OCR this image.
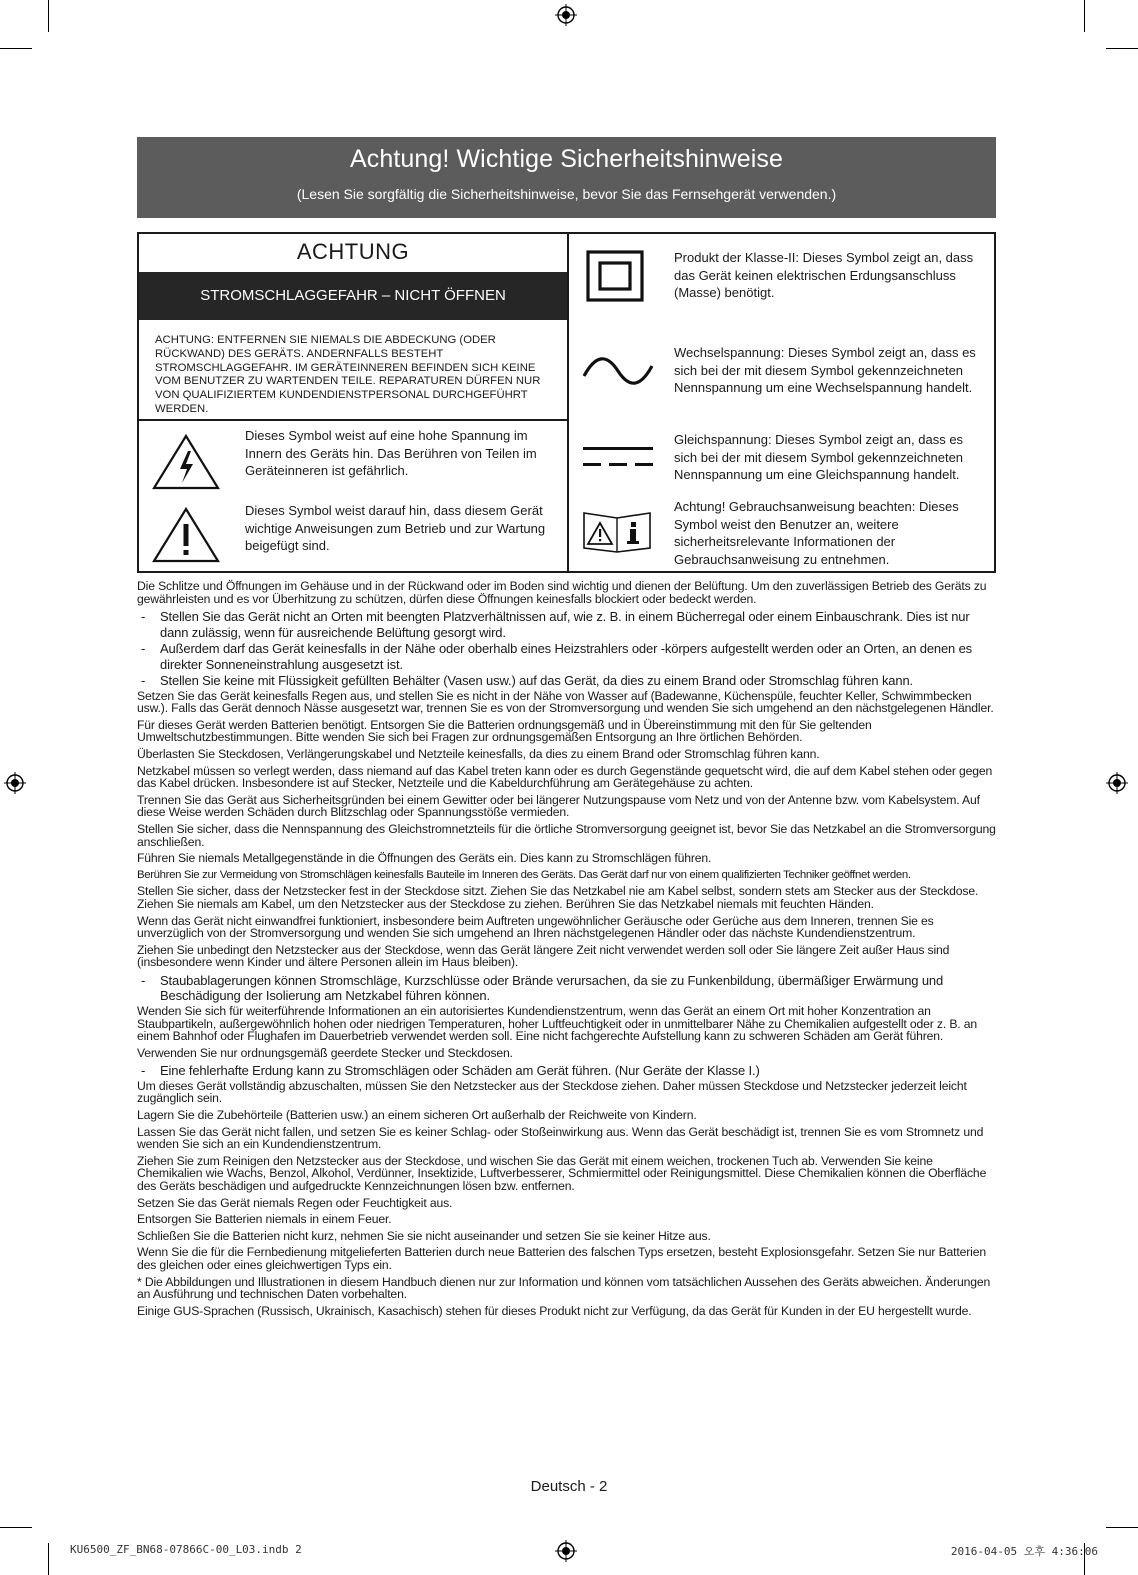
Achtung! Wichtige Sicherheitshinweise
(Lesen Sie sorgfältig die Sicherheitshinweise, bevor Sie das Fernsehgerät verwenden.)
ACHTUNG
STROMSCHLAGGEFAHR – NICHT ÖFFNEN
ACHTUNG: ENTFERNEN SIE NIEMALS DIE ABDECKUNG (ODER RÜCKWAND) DES GERÄTS. ANDERNFALLS BESTEHT STROMSCHLAGGEFAHR. IM GERÄTEINNEREN BEFINDEN SICH KEINE VOM BENUTZER ZU WARTENDEN TEILE. REPARATUREN DÜRFEN NUR VON QUALIFIZIERTEM KUNDENDIENSTPERSONAL DURCHGEFÜHRT WERDEN.
Dieses Symbol weist auf eine hohe Spannung im Innern des Geräts hin. Das Berühren von Teilen im Geräteinneren ist gefährlich.
Dieses Symbol weist darauf hin, dass diesem Gerät wichtige Anweisungen zum Betrieb und zur Wartung beigefügt sind.
Produkt der Klasse-II: Dieses Symbol zeigt an, dass das Gerät keinen elektrischen Erdungsanschluss (Masse) benötigt.
Wechselspannung: Dieses Symbol zeigt an, dass es sich bei der mit diesem Symbol gekennzeichneten Nennspannung um eine Wechselspannung handelt.
Gleichspannung: Dieses Symbol zeigt an, dass es sich bei der mit diesem Symbol gekennzeichneten Nennspannung um eine Gleichspannung handelt.
Achtung! Gebrauchsanweisung beachten: Dieses Symbol weist den Benutzer an, weitere sicherheitsrelevante Informationen der Gebrauchsanweisung zu entnehmen.

Die Schlitze und Öffnungen im Gehäuse und in der Rückwand oder im Boden sind wichtig und dienen der Belüftung. Um den zuverlässigen Betrieb des Geräts zu gewährleisten und es vor Überhitzung zu schützen, dürfen diese Öffnungen keinesfalls blockiert oder bedeckt werden.

- Stellen Sie das Gerät nicht an Orten mit beengten Platzverhältnissen auf, wie z. B. in einem Bücherregal oder einem Einbauschrank. Dies ist nur dann zulässig, wenn für ausreichende Belüftung gesorgt wird.

- Außerdem darf das Gerät keinesfalls in der Nähe oder oberhalb eines Heizstrahlers oder -körpers aufgestellt werden oder an Orten, an denen es direkter Sonneneinstrahlung ausgesetzt ist.

- Stellen Sie keine mit Flüssigkeit gefüllten Behälter (Vasen usw.) auf das Gerät, da dies zu einem Brand oder Stromschlag führen kann.

Setzen Sie das Gerät keinesfalls Regen aus, und stellen Sie es nicht in der Nähe von Wasser auf (Badewanne, Küchenspüle, feuchter Keller, Schwimmbecken usw.). Falls das Gerät dennoch Nässe ausgesetzt war, trennen Sie es von der Stromversorgung und wenden Sie sich umgehend an den nächstgelegenen Händler.

Für dieses Gerät werden Batterien benötigt. Entsorgen Sie die Batterien ordnungsgemäß und in Übereinstimmung mit den für Sie geltenden Umweltschutzbestimmungen. Bitte wenden Sie sich bei Fragen zur ordnungsgemäßen Entsorgung an Ihre örtlichen Behörden.

Überlasten Sie Steckdosen, Verlängerungskabel und Netzteile keinesfalls, da dies zu einem Brand oder Stromschlag führen kann.

Netzkabel müssen so verlegt werden, dass niemand auf das Kabel treten kann oder es durch Gegenstände gequetscht wird, die auf dem Kabel stehen oder gegen das Kabel drücken. Insbesondere ist auf Stecker, Netzteile und die Kabeldurchführung am Gerätegehäuse zu achten.

Trennen Sie das Gerät aus Sicherheitsgründen bei einem Gewitter oder bei längerer Nutzungspause vom Netz und von der Antenne bzw. vom Kabelsystem. Auf diese Weise werden Schäden durch Blitzschlag oder Spannungsstöße vermieden.

Stellen Sie sicher, dass die Nennspannung des Gleichstromnetzteils für die örtliche Stromversorgung geeignet ist, bevor Sie das Netzkabel an die Stromversorgung anschließen.

Führen Sie niemals Metallgegenstände in die Öffnungen des Geräts ein. Dies kann zu Stromschlägen führen.

Berühren Sie zur Vermeidung von Stromschlägen keinesfalls Bauteile im Inneren des Geräts. Das Gerät darf nur von einem qualifizierten Techniker geöffnet werden.

Stellen Sie sicher, dass der Netzstecker fest in der Steckdose sitzt. Ziehen Sie das Netzkabel nie am Kabel selbst, sondern stets am Stecker aus der Steckdose. Ziehen Sie niemals am Kabel, um den Netzstecker aus der Steckdose zu ziehen. Berühren Sie das Netzkabel niemals mit feuchten Händen.

Wenn das Gerät nicht einwandfrei funktioniert, insbesondere beim Auftreten ungewöhnlicher Geräusche oder Gerüche aus dem Inneren, trennen Sie es unverzüglich von der Stromversorgung und wenden Sie sich umgehend an Ihren nächstgelegenen Händler oder das nächste Kundendienstzentrum.

Ziehen Sie unbedingt den Netzstecker aus der Steckdose, wenn das Gerät längere Zeit nicht verwendet werden soll oder Sie längere Zeit außer Haus sind (insbesondere wenn Kinder und ältere Personen allein im Haus bleiben).

- Staubablagerungen können Stromschläge, Kurzschlüsse oder Brände verursachen, da sie zu Funkenbildung, übermäßiger Erwärmung und Beschädigung der Isolierung am Netzkabel führen können.

Wenden Sie sich für weiterführende Informationen an ein autorisiertes Kundendienstzentrum, wenn das Gerät an einem Ort mit hoher Konzentration an Staubpartikeln, außergewöhnlich hohen oder niedrigen Temperaturen, hoher Luftfeuchtigkeit oder in unmittelbarer Nähe zu Chemikalien aufgestellt oder z. B. an einem Bahnhof oder Flughafen im Dauerbetrieb verwendet werden soll. Eine nicht fachgerechte Aufstellung kann zu schweren Schäden am Gerät führen.

Verwenden Sie nur ordnungsgemäß geerdete Stecker und Steckdosen.

- Eine fehlerhafte Erdung kann zu Stromschlägen oder Schäden am Gerät führen. (Nur Geräte der Klasse I.)

Um dieses Gerät vollständig abzuschalten, müssen Sie den Netzstecker aus der Steckdose ziehen. Daher müssen Steckdose und Netzstecker jederzeit leicht zugänglich sein.

Lagern Sie die Zubehörteile (Batterien usw.) an einem sicheren Ort außerhalb der Reichweite von Kindern.

Lassen Sie das Gerät nicht fallen, und setzen Sie es keiner Schlag- oder Stoßeinwirkung aus. Wenn das Gerät beschädigt ist, trennen Sie es vom Stromnetz und wenden Sie sich an ein Kundendienstzentrum.

Ziehen Sie zum Reinigen den Netzstecker aus der Steckdose, und wischen Sie das Gerät mit einem weichen, trockenen Tuch ab. Verwenden Sie keine Chemikalien wie Wachs, Benzol, Alkohol, Verdünner, Insektizide, Luftverbesserer, Schmiermittel oder Reinigungsmittel. Diese Chemikalien können die Oberfläche des Geräts beschädigen und aufgedruckte Kennzeichnungen lösen bzw. entfernen.

Setzen Sie das Gerät niemals Regen oder Feuchtigkeit aus.

Entsorgen Sie Batterien niemals in einem Feuer.

Schließen Sie die Batterien nicht kurz, nehmen Sie sie nicht auseinander und setzen Sie sie keiner Hitze aus.

Wenn Sie die für die Fernbedienung mitgelieferten Batterien durch neue Batterien des falschen Typs ersetzen, besteht Explosionsgefahr. Setzen Sie nur Batterien des gleichen oder eines gleichwertigen Typs ein.

* Die Abbildungen und Illustrationen in diesem Handbuch dienen nur zur Information und können vom tatsächlichen Aussehen des Geräts abweichen. Änderungen an Ausführung und technischen Daten vorbehalten.

Einige GUS-Sprachen (Russisch, Ukrainisch, Kasachisch) stehen für dieses Produkt nicht zur Verfügung, da das Gerät für Kunden in der EU hergestellt wurde.

Deutsch - 2
KU6500_ZF_BN68-07866C-00_L03.indb 2	2016-04-05 오후 4:36:06
